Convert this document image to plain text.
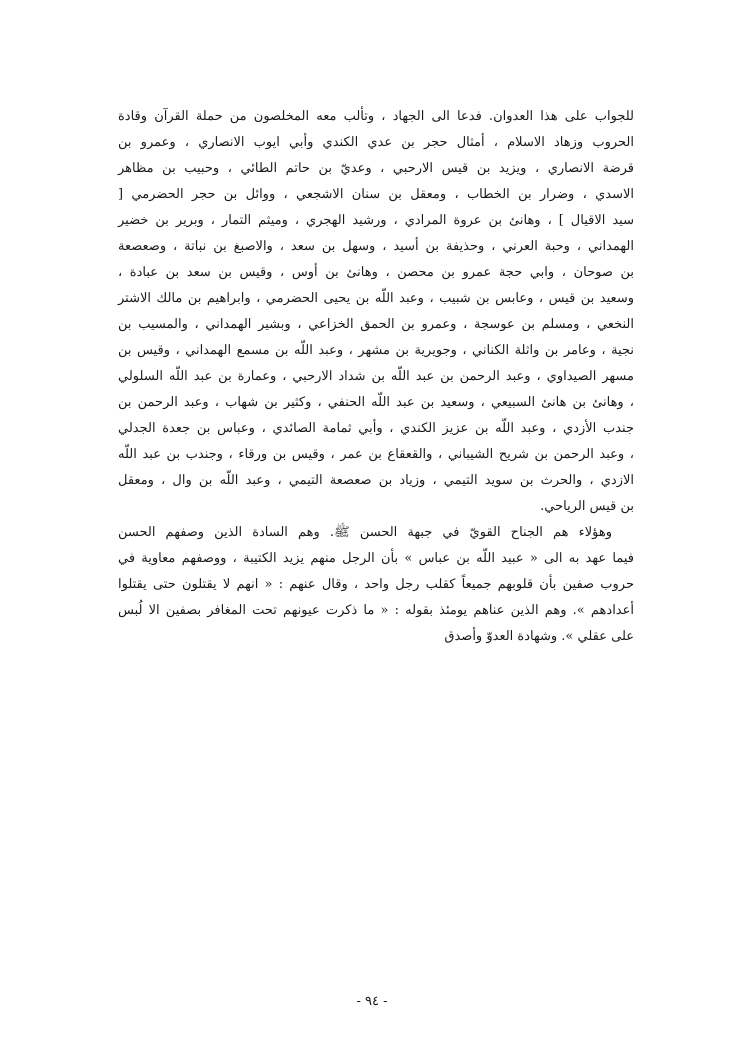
للجواب على هذا العدوان. فدعا الى الجهاد ، وتألب معه المخلصون من حملة القرآن وقادة
الحروب وزهاد الاسلام ، أمثال حجر بن عدي الكندي وأبي ايوب الانصاري ، وعمرو بن
قرضة الانصاري ، ويزيد بن قيس الارحبي ، وعديّ بن حاتم الطائي ، وحبيب بن مظاهر
الاسدي ، وضرار بن الخطاب ، ومعقل بن سنان الاشجعي ، ووائل بن حجر الحضرمي [
سيد الاقيال ] ، وهانئ بن عروة المرادي ، ورشيد الهجري ، وميثم التمار ، وبرير بن خضير
الهمداني ، وحبة العرني ، وحذيفة بن أسيد ، وسهل بن سعد ، والاصبغ بن نباتة ، وصعصعة
بن صوحان ، وابي حجة عمرو بن محصن ، وهانئ بن أوس ، وقيس بن سعد بن عبادة ،
وسعيد بن قيس ، وعابس بن شبيب ، وعبد اللّه بن يحيى الحضرمي ، وابراهيم بن مالك الاشتر
النخعي ، ومسلم بن عوسجة ، وعمرو بن الحمق الخزاعي ، وبشير الهمداني ، والمسيب بن
نجية ، وعامر بن واثلة الكناني ، وجويرية بن مشهر ، وعبد اللّه بن مسمع الهمداني ، وقيس بن
مسهر الصيداوي ، وعبد الرحمن بن عبد اللّه بن شداد الارحبي ، وعمارة بن عبد اللّه السلولي
، وهانئ بن هانئ السبيعي ، وسعيد بن عبد اللّه الحنفي ، وكثير بن شهاب ، وعبد الرحمن بن
جندب الأزدي ، وعبد اللّه بن عزيز الكندي ، وأبي ثمامة الصائدي ، وعباس بن جعدة الجدلي
، وعبد الرحمن بن شريح الشيباني ، والقعقاع بن عمر ، وقيس بن ورقاء ، وجندب بن عبد اللّه
الازدي ، والحرث بن سويد التيمي ، وزياد بن صعصعة التيمي ، وعبد اللّه بن وال ، ومعقل
بن قيس الرياحي.
وهؤلاء هم الجناح القويّ في جبهة الحسن ﷺ. وهم السادة الذين وصفهم الحسن
فيما عهد به الى « عبيد اللّه بن عباس » بأن الرجل منهم يزيد الكتيبة ، ووصفهم معاوية في
حروب صفين بأن قلوبهم جميعاً كقلب رجل واحد ، وقال عنهم : « انهم لا يقتلون حتى يقتلوا
أعدادهم ». وهم الذين عناهم يومئذ بقوله : « ما ذكرت عيونهم تحت المغافر بصفين الا لُبس
على عقلي ». وشهادة العدوّ وأصدق
- ٩٤ -
